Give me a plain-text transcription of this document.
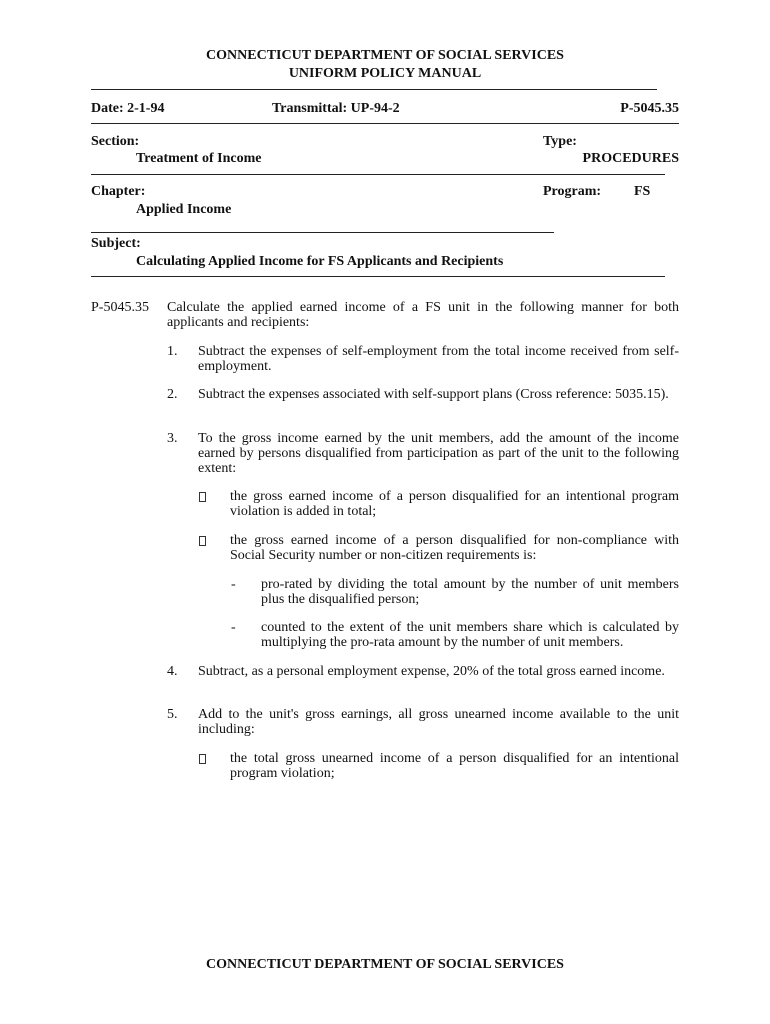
CONNECTICUT DEPARTMENT OF SOCIAL SERVICES
UNIFORM POLICY MANUAL
Date: 2-1-94	Transmittal: UP-94-2	P-5045.35
Section:
Treatment of Income
Type:
PROCEDURES
Chapter:
Applied Income
Program: FS
Subject:
Calculating Applied Income for FS Applicants and Recipients
P-5045.35 Calculate the applied earned income of a FS unit in the following manner for both applicants and recipients:
1. Subtract the expenses of self-employment from the total income received from self-employment.
2. Subtract the expenses associated with self-support plans (Cross reference: 5035.15).
3. To the gross income earned by the unit members, add the amount of the income earned by persons disqualified from participation as part of the unit to the following extent:
the gross earned income of a person disqualified for an intentional program violation is added in total;
the gross earned income of a person disqualified for non-compliance with Social Security number or non-citizen requirements is:
- pro-rated by dividing the total amount by the number of unit members plus the disqualified person;
- counted to the extent of the unit members share which is calculated by multiplying the pro-rata amount by the number of unit members.
4. Subtract, as a personal employment expense, 20% of the total gross earned income.
5. Add to the unit's gross earnings, all gross unearned income available to the unit including:
the total gross unearned income of a person disqualified for an intentional program violation;
CONNECTICUT DEPARTMENT OF SOCIAL SERVICES
